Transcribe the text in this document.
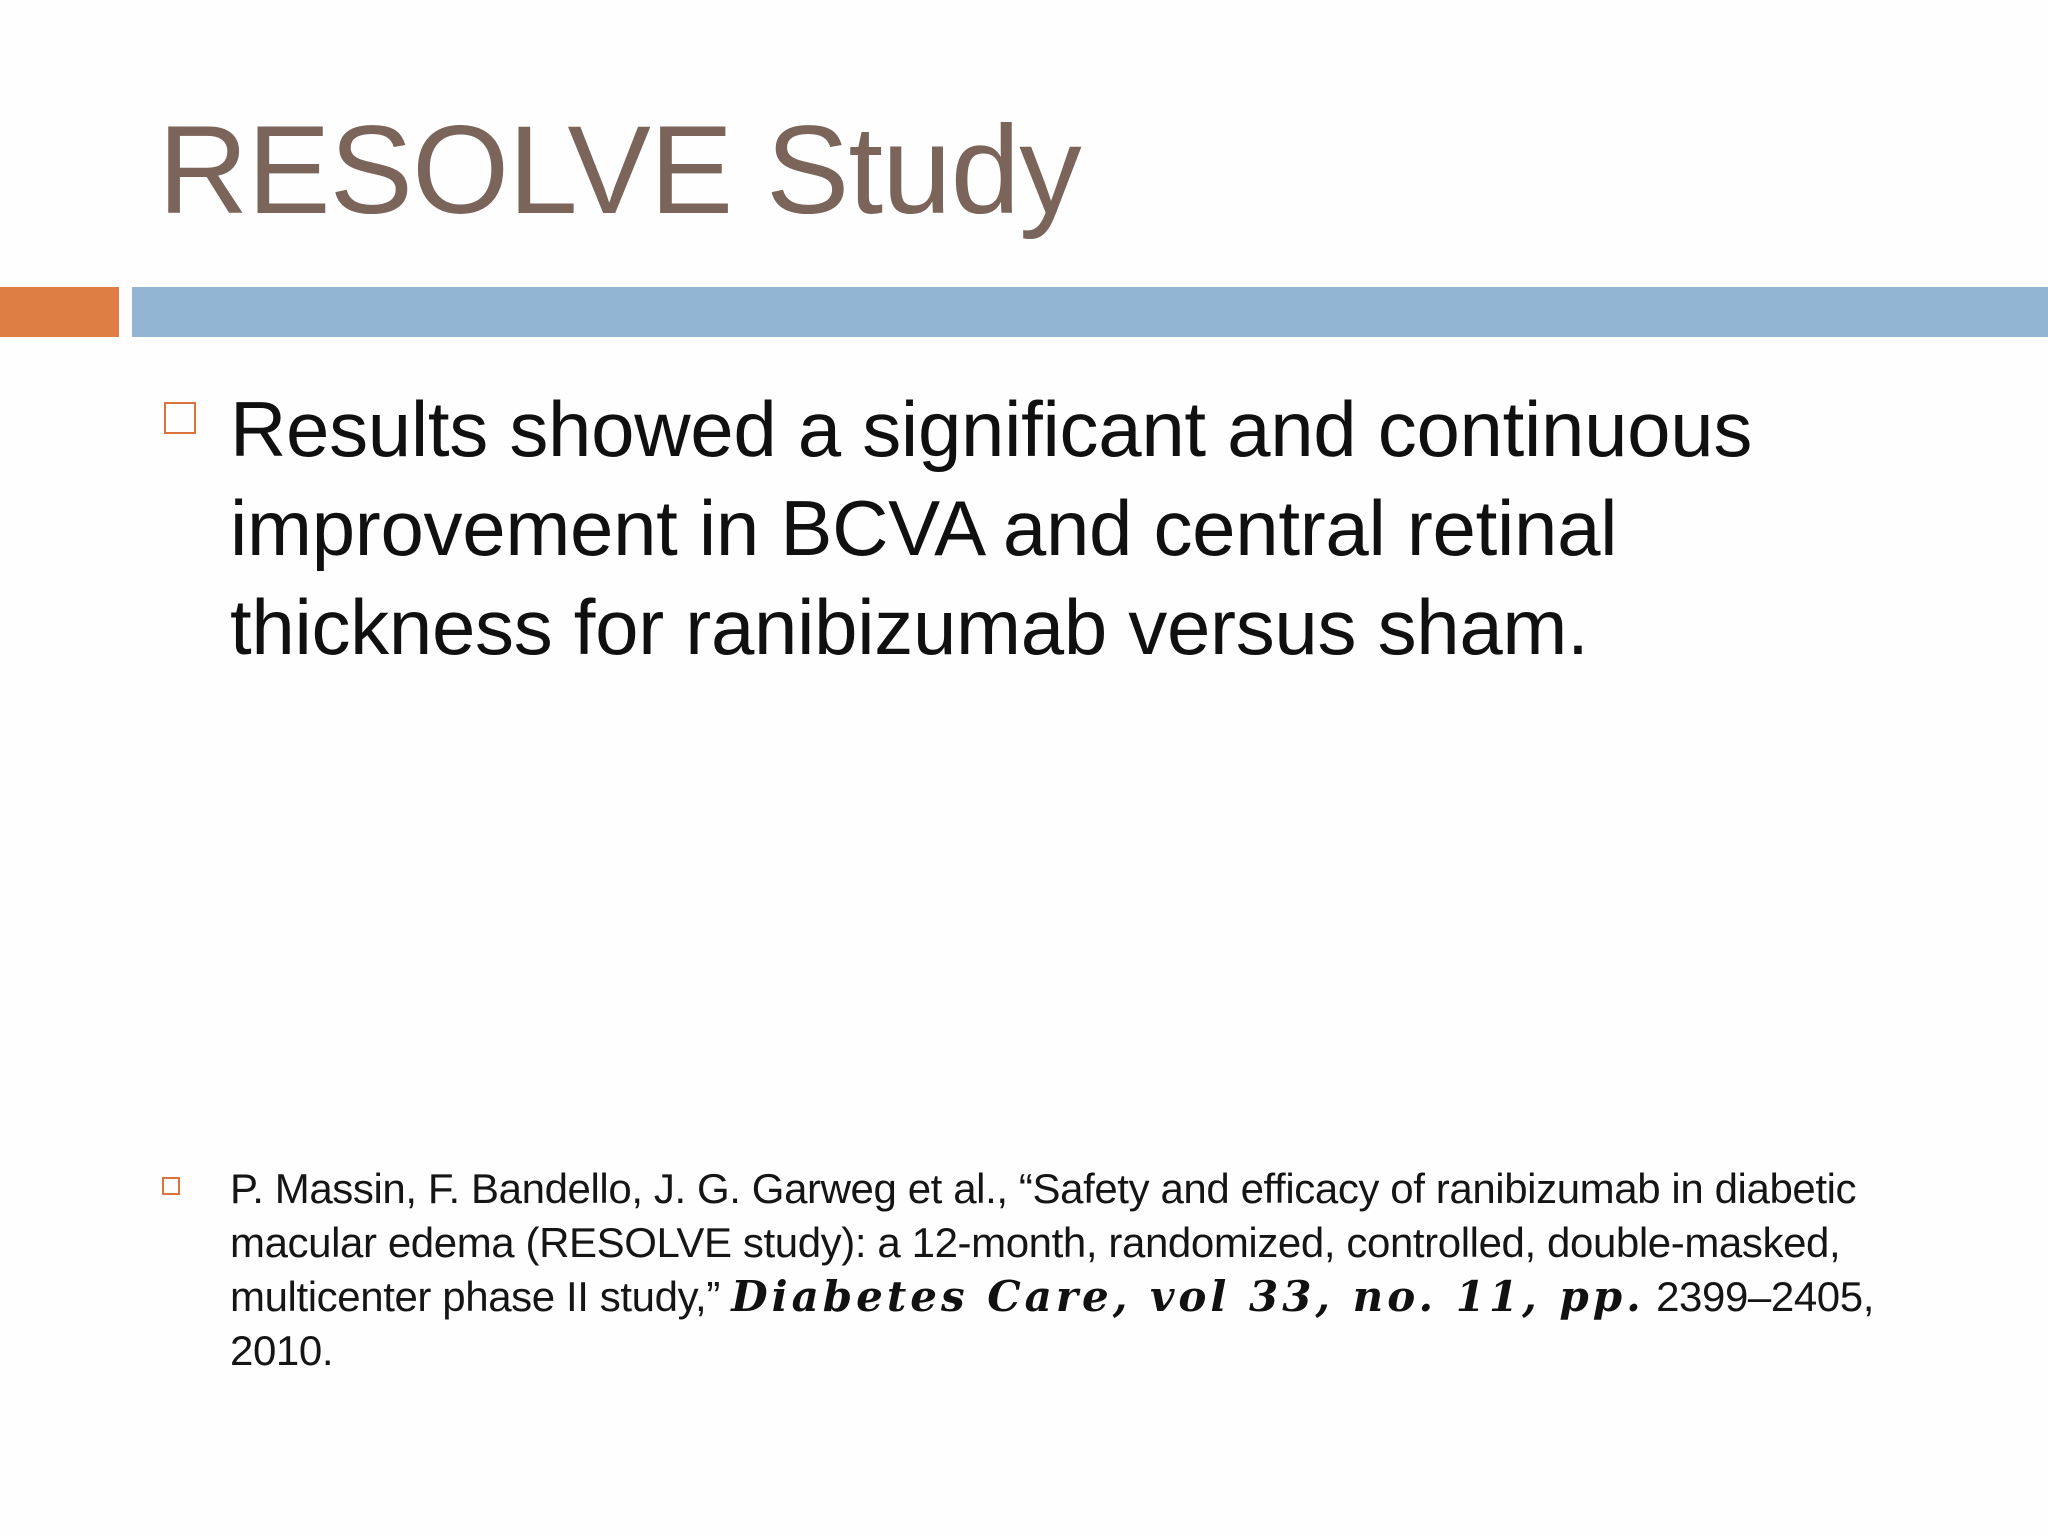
RESOLVE Study

Results showed a significant and continuous improvement in BCVA and central retinal thickness for ranibizumab versus sham.

P. Massin, F. Bandello, J. G. Garweg et al., “Safety and efficacy of ranibizumab in diabetic macular edema (RESOLVE study): a 12-month, randomized, controlled, double-masked, multicenter phase II study,” Diabetes Care, vol 33, no. 11, pp. 2399–2405, 2010.
